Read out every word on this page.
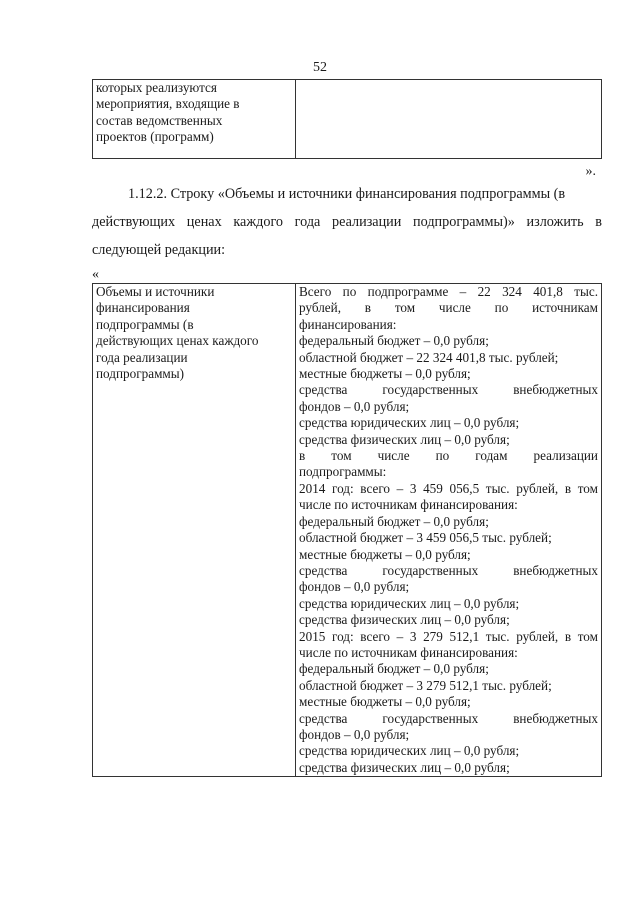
52
которых реализуются
мероприятия, входящие в
состав ведомственных
проектов (программ)

».
1.12.2. Строку «Объемы и источники финансирования подпрограммы (в
действующих ценах каждого года реализации подпрограммы)» изложить в
следующей редакции:
«
Объемы и источники
финансирования
подпрограммы (в
действующих ценах каждого
года реализации
подпрограммы)

Всего по подпрограмме – 22 324 401,8 тыс.
рублей, в том числе по источникам
финансирования:
федеральный бюджет – 0,0 рубля;
областной бюджет – 22 324 401,8 тыс. рублей;
местные бюджеты – 0,0 рубля;
средства государственных внебюджетных
фондов – 0,0 рубля;
средства юридических лиц – 0,0 рубля;
средства физических лиц – 0,0 рубля;
в том числе по годам реализации
подпрограммы:
2014 год: всего – 3 459 056,5 тыс. рублей, в том
числе по источникам финансирования:
федеральный бюджет – 0,0 рубля;
областной бюджет – 3 459 056,5 тыс. рублей;
местные бюджеты – 0,0 рубля;
средства государственных внебюджетных
фондов – 0,0 рубля;
средства юридических лиц – 0,0 рубля;
средства физических лиц – 0,0 рубля;
2015 год: всего – 3 279 512,1 тыс. рублей, в том
числе по источникам финансирования:
федеральный бюджет – 0,0 рубля;
областной бюджет – 3 279 512,1 тыс. рублей;
местные бюджеты – 0,0 рубля;
средства государственных внебюджетных
фондов – 0,0 рубля;
средства юридических лиц – 0,0 рубля;
средства физических лиц – 0,0 рубля;
